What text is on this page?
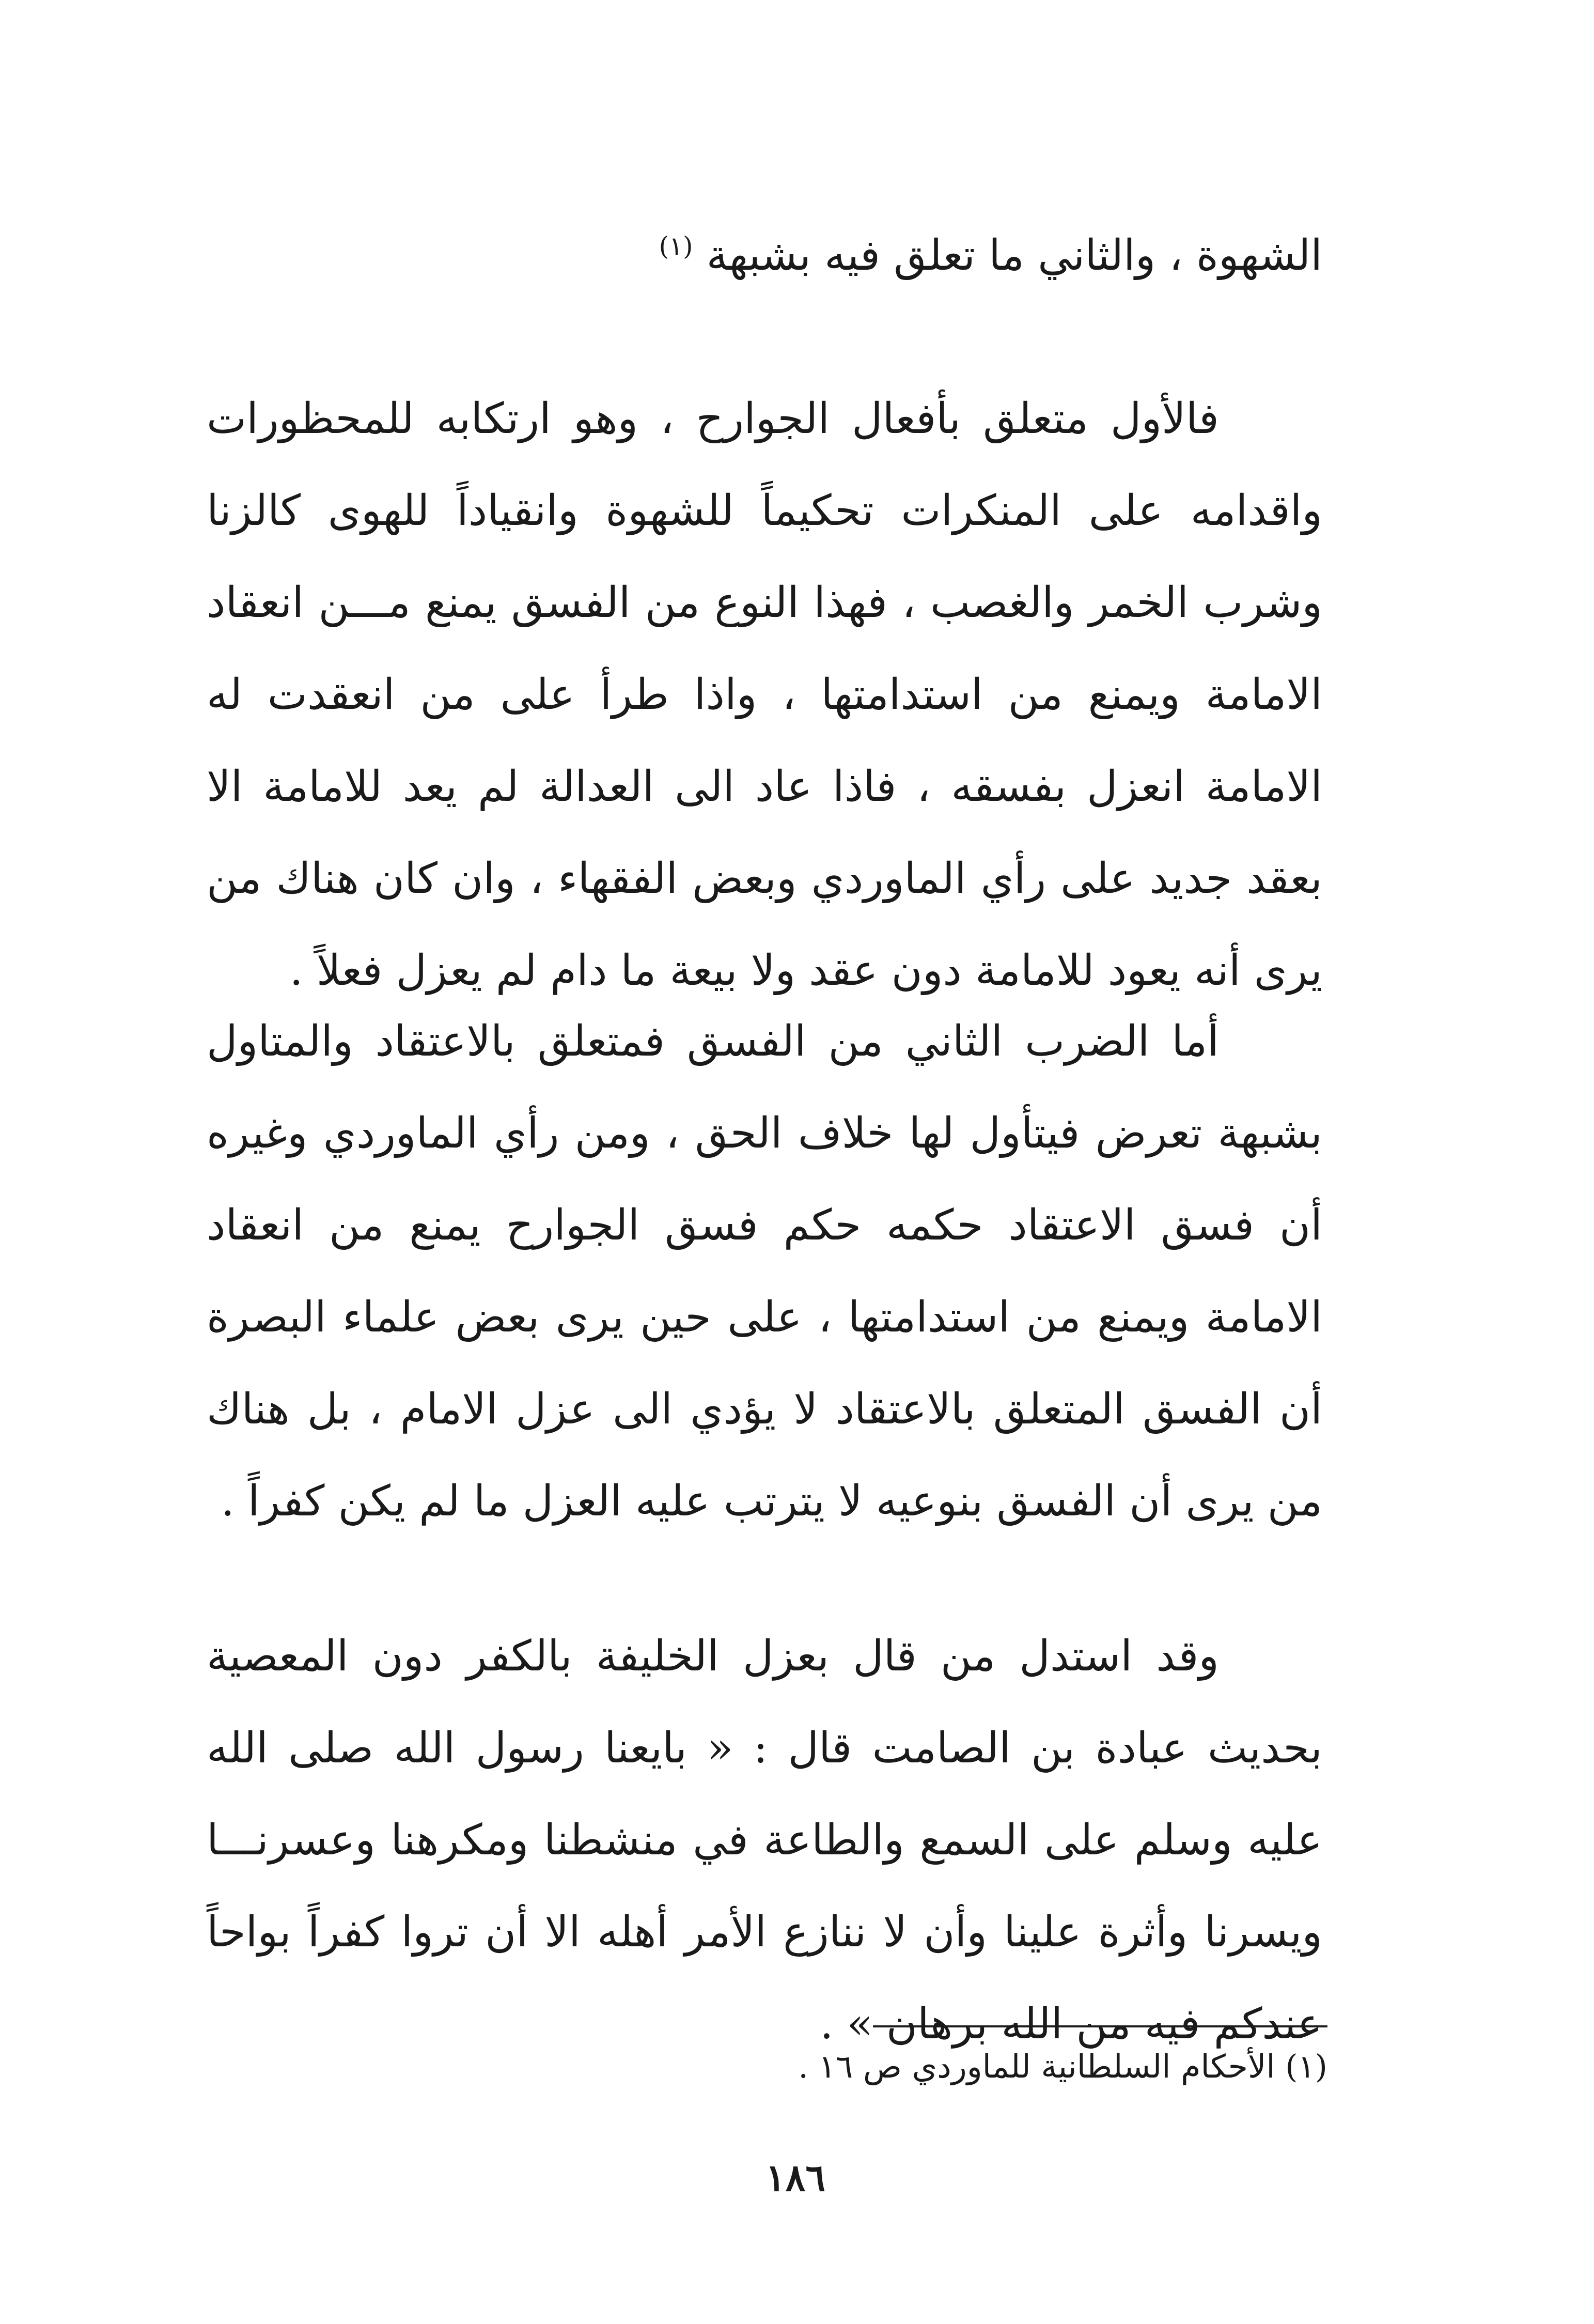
الشهوة ، والثاني ما تعلق فيه بشبهة $^{(١)}$

فالأول متعلق بأفعال الجوارح ، وهو ارتكابه للمحظورات واقدامه على المنكرات تحكيماً للشهوة وانقياداً للهوى كالزنا وشرب الخمر والغصب ، فهذا النوع من الفسق يمنع مـــن انعقاد الامامة ويمنع من استدامتها ، واذا طرأ على من انعقدت له الامامة انعزل بفسقه ، فاذا عاد الى العدالة لم يعد للامامة الا بعقد جديد على رأي الماوردي وبعض الفقهاء ، وان كان هناك من يرى أنه يعود للامامة دون عقد ولا بيعة ما دام لم يعزل فعلاً .

أما الضرب الثاني من الفسق فمتعلق بالاعتقاد والمتاول بشبهة تعرض فيتأول لها خلاف الحق ، ومن رأي الماوردي وغيره أن فسق الاعتقاد حكمه حكم فسق الجوارح يمنع من انعقاد الامامة ويمنع من استدامتها ، على حين يرى بعض علماء البصرة أن الفسق المتعلق بالاعتقاد لا يؤدي الى عزل الامام ، بل هناك من يرى أن الفسق بنوعيه لا يترتب عليه العزل ما لم يكن كفراً .

وقد استدل من قال بعزل الخليفة بالكفر دون المعصية بحديث عبادة بن الصامت قال : « بايعنا رسول الله صلى الله عليه وسلم على السمع والطاعة في منشطنا ومكرهنا وعسرنـــا ويسرنا وأثرة علينا وأن لا ننازع الأمر أهله الا أن تروا كفراً بواحاً عندكم فيه من الله برهان » .

(١) الأحكام السلطانية للماوردي ص ١٦ .
١٨٦
